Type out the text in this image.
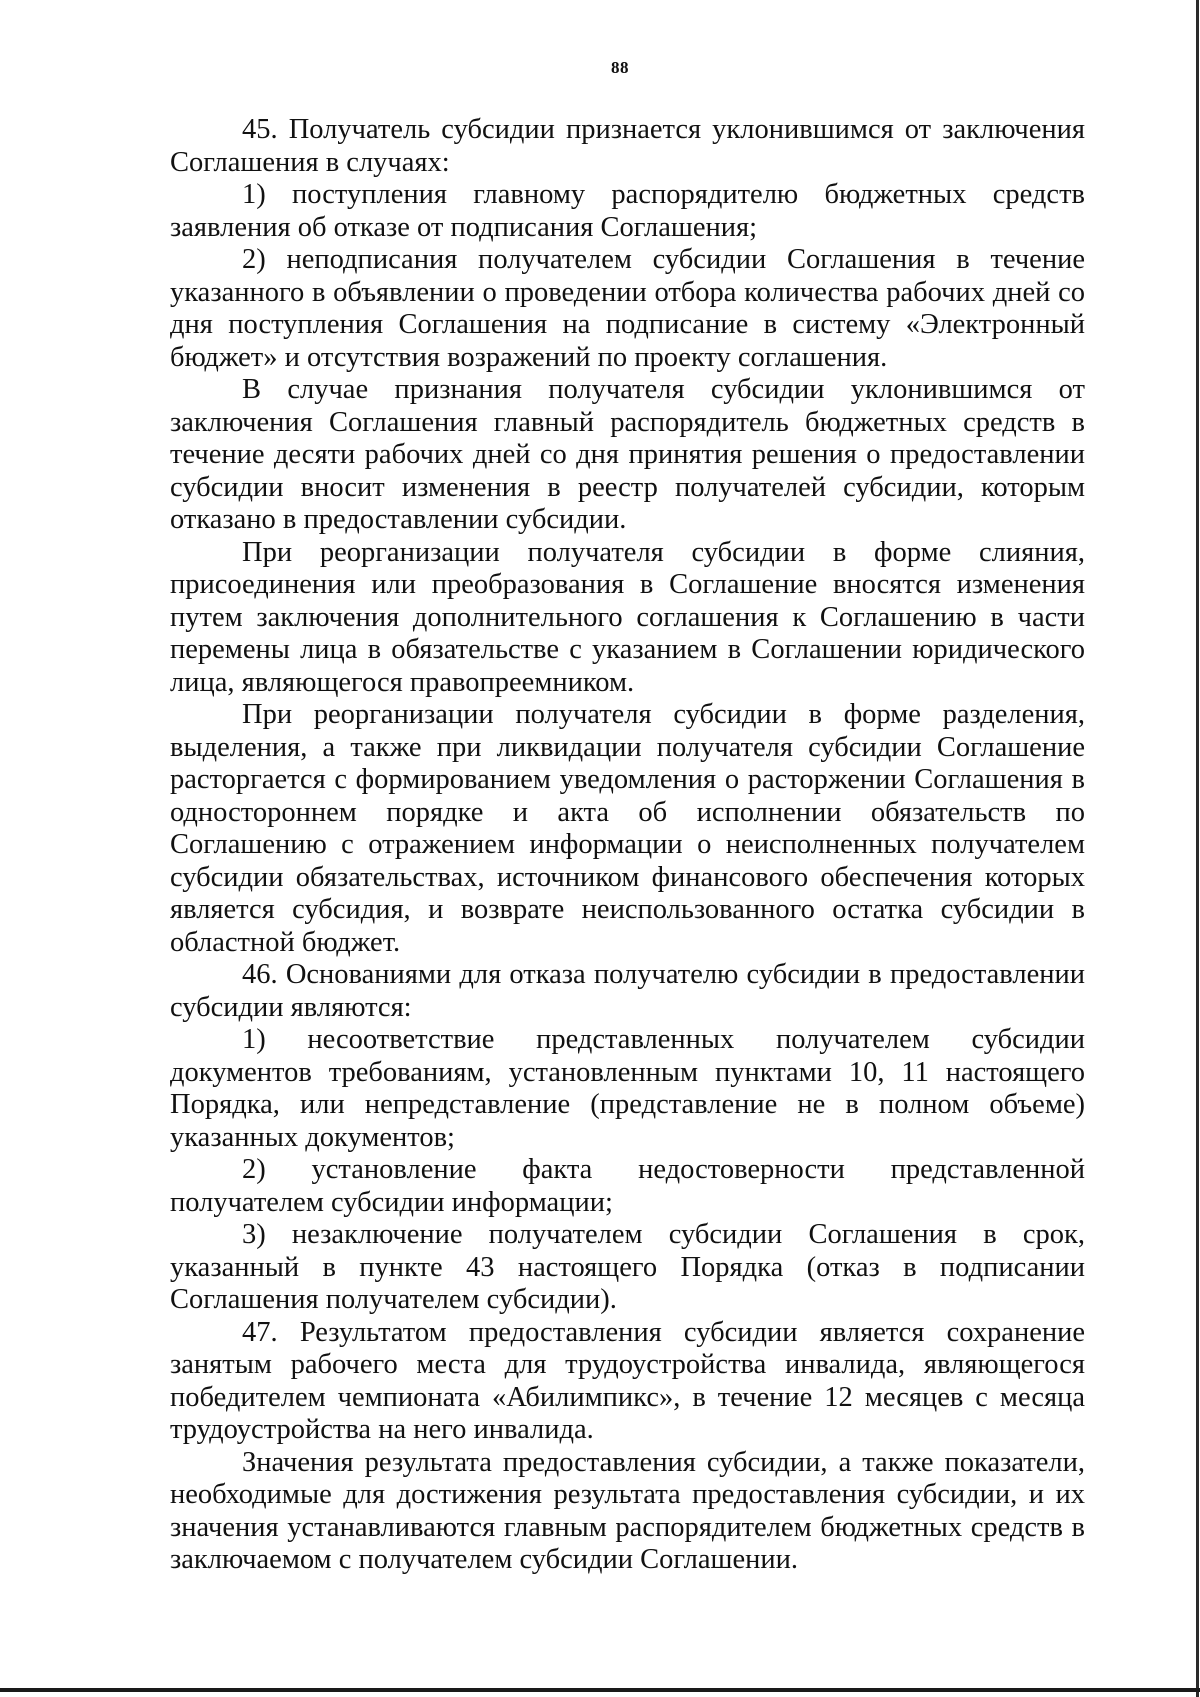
88

45. Получатель субсидии признается уклонившимся от заключения Соглашения в случаях:

1) поступления главному распорядителю бюджетных средств заявления об отказе от подписания Соглашения;

2) неподписания получателем субсидии Соглашения в течение указанного в объявлении о проведении отбора количества рабочих дней со дня поступления Соглашения на подписание в систему «Электронный бюджет» и отсутствия возражений по проекту соглашения.

В случае признания получателя субсидии уклонившимся от заключения Соглашения главный распорядитель бюджетных средств в течение десяти рабочих дней со дня принятия решения о предоставлении субсидии вносит изменения в реестр получателей субсидии, которым отказано в предоставлении субсидии.

При реорганизации получателя субсидии в форме слияния, присоединения или преобразования в Соглашение вносятся изменения путем заключения дополнительного соглашения к Соглашению в части перемены лица в обязательстве с указанием в Соглашении юридического лица, являющегося правопреемником.

При реорганизации получателя субсидии в форме разделения, выделения, а также при ликвидации получателя субсидии Соглашение расторгается с формированием уведомления о расторжении Соглашения в одностороннем порядке и акта об исполнении обязательств по Соглашению с отражением информации о неисполненных получателем субсидии обязательствах, источником финансового обеспечения которых является субсидия, и возврате неиспользованного остатка субсидии в областной бюджет.

46. Основаниями для отказа получателю субсидии в предоставлении субсидии являются:

1) несоответствие представленных получателем субсидии документов требованиям, установленным пунктами 10, 11 настоящего Порядка, или непредставление (представление не в полном объеме) указанных документов;

2) установление факта недостоверности представленной получателем субсидии информации;

3) незаключение получателем субсидии Соглашения в срок, указанный в пункте 43 настоящего Порядка (отказ в подписании Соглашения получателем субсидии).

47. Результатом предоставления субсидии является сохранение занятым рабочего места для трудоустройства инвалида, являющегося победителем чемпионата «Абилимпикс», в течение 12 месяцев с месяца трудоустройства на него инвалида.

Значения результата предоставления субсидии, а также показатели, необходимые для достижения результата предоставления субсидии, и их значения устанавливаются главным распорядителем бюджетных средств в заключаемом с получателем субсидии Соглашении.
